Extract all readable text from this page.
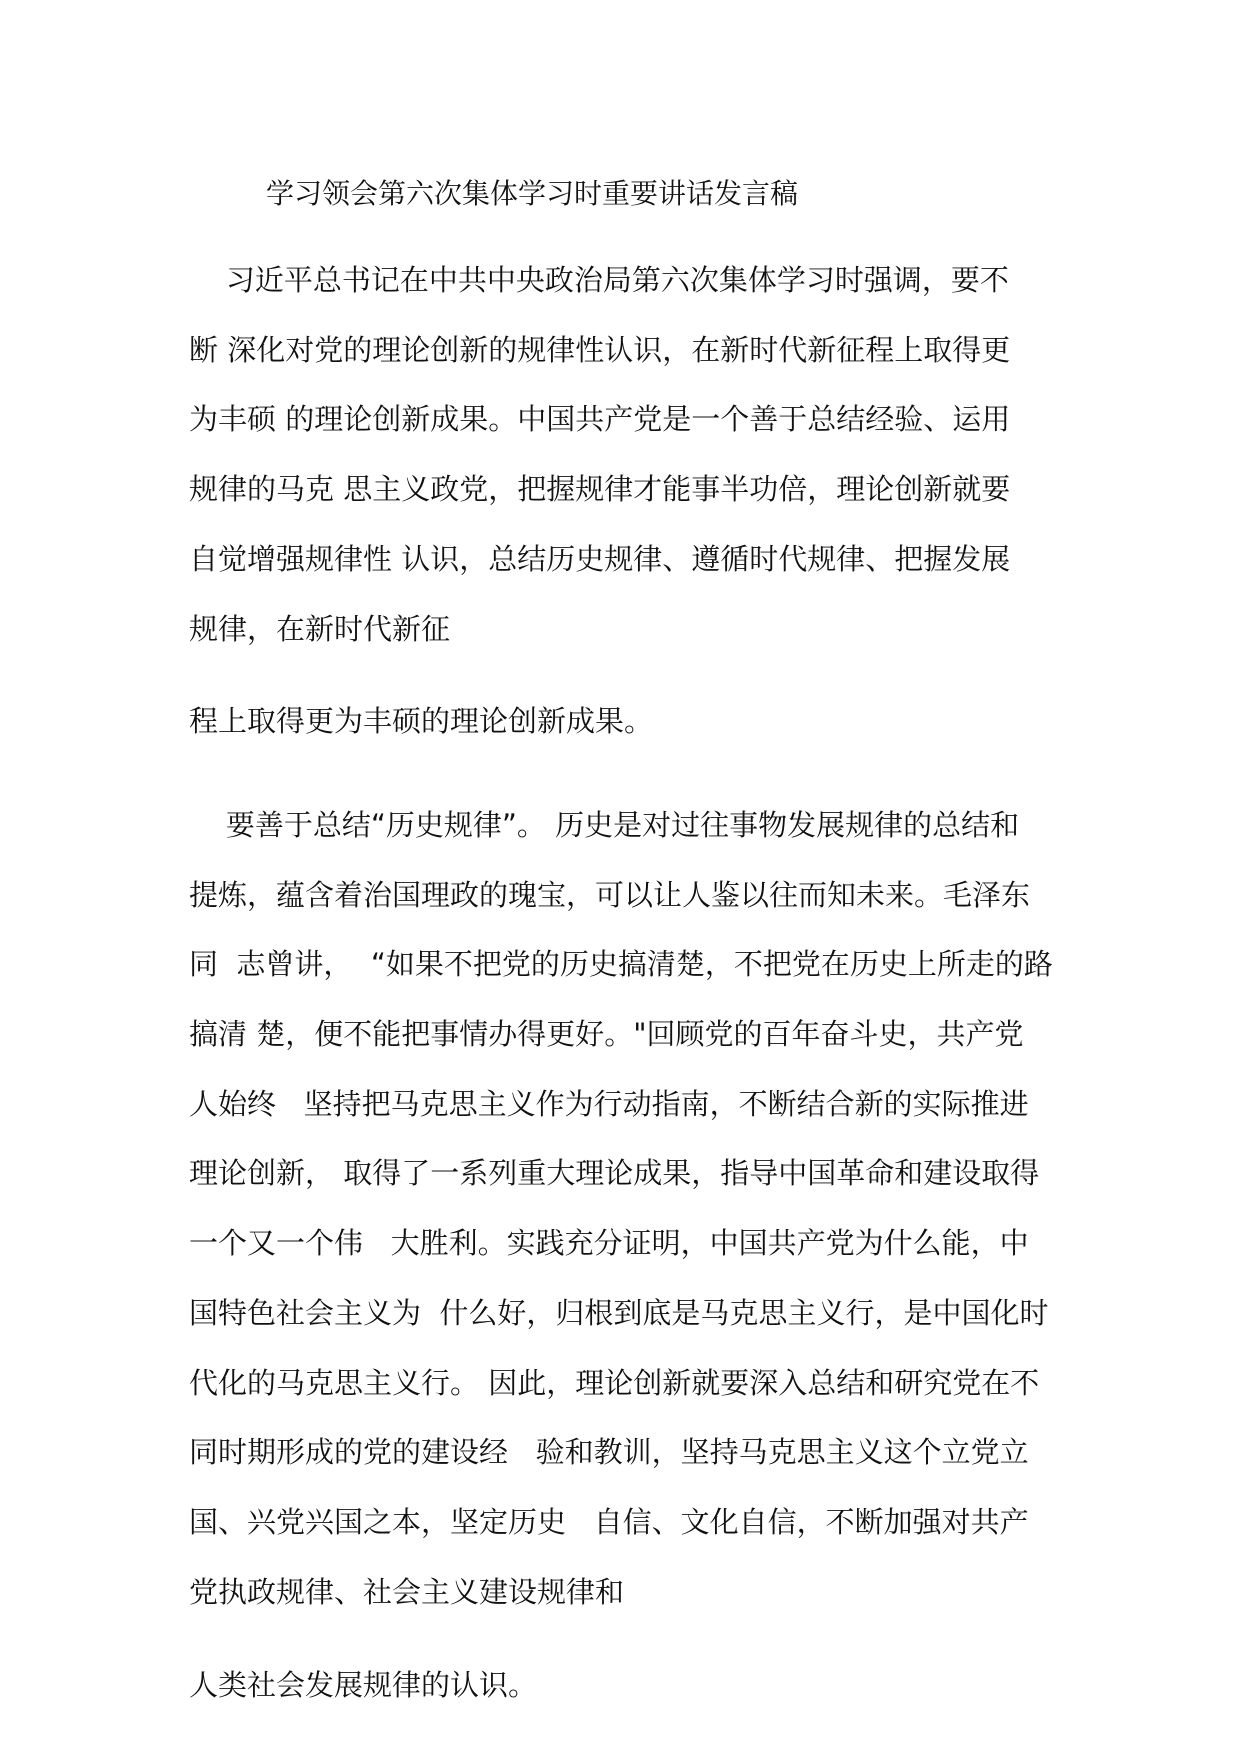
学习领会第六次集体学习时重要讲话发言稿
习近平总书记在中共中央政治局第六次集体学习时强调，要不
断 深化对党的理论创新的规律性认识，在新时代新征程上取得更
为丰硕 的理论创新成果。中国共产党是一个善于总结经验、运用
规律的马克 思主义政党，把握规律才能事半功倍，理论创新就要
自觉增强规律性 认识，总结历史规律、遵循时代规律、把握发展
规律，在新时代新征
程上取得更为丰硕的理论创新成果。
要善于总结“历史规律”。 历史是对过往事物发展规律的总结和
提炼，蕴含着治国理政的瑰宝，可以让人鉴以往而知未来。毛泽东
同  志曾讲，  “如果不把党的历史搞清楚，不把党在历史上所走的路
搞清 楚，便不能把事情办得更好。"回顾党的百年奋斗史，共产党
人始终   坚持把马克思主义作为行动指南，不断结合新的实际推进
理论创新， 取得了一系列重大理论成果，指导中国革命和建设取得
一个又一个伟   大胜利。实践充分证明，中国共产党为什么能，中
国特色社会主义为  什么好，归根到底是马克思主义行，是中国化时
代化的马克思主义行。 因此，理论创新就要深入总结和研究党在不
同时期形成的党的建设经   验和教训，坚持马克思主义这个立党立
国、兴党兴国之本，坚定历史   自信、文化自信，不断加强对共产
党执政规律、社会主义建设规律和
人类社会发展规律的认识。
